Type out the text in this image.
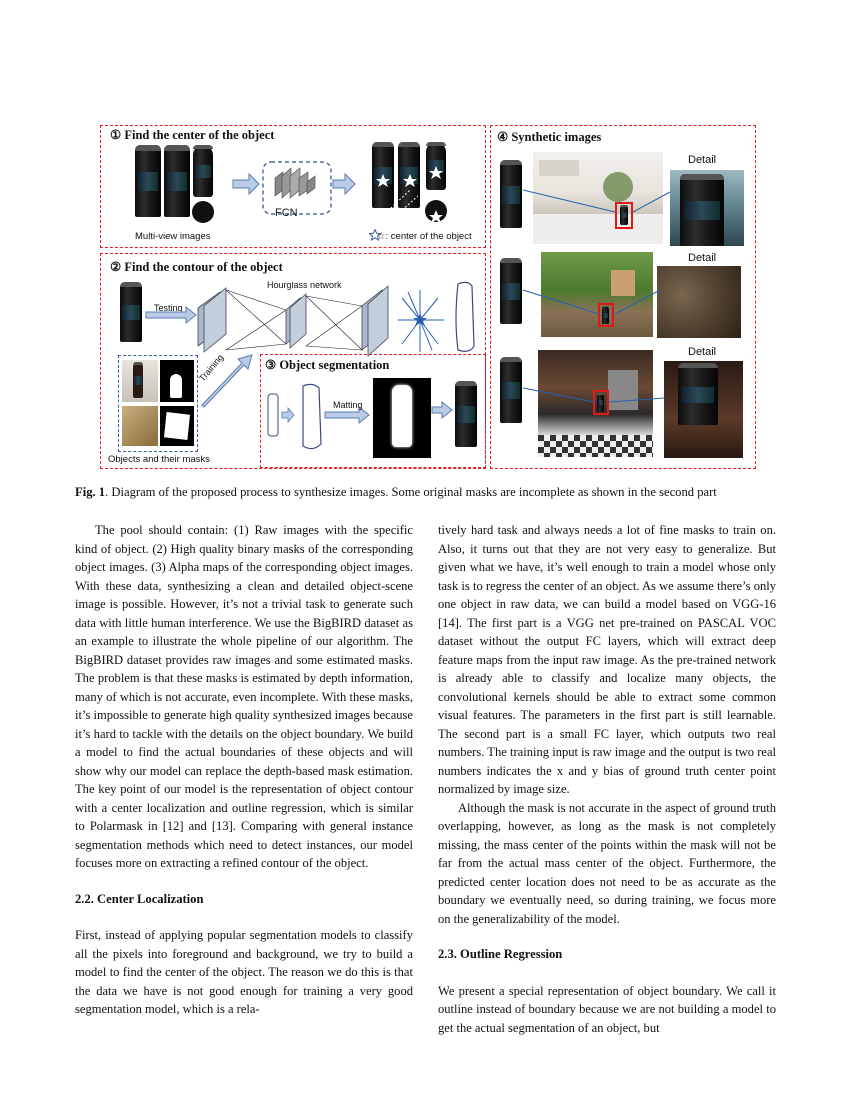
① Find the center of the object
Multi-view images
FCN
☆: center of the object
② Find the contour of the object
Testing
Hourglass network
Training
Objects and their masks
③ Object segmentation
Matting
④ Synthetic images
Detail
Detail
Detail
Fig. 1. Diagram of the proposed process to synthesize images. Some original masks are incomplete as shown in the second part

The pool should contain: (1) Raw images with the specific kind of object. (2) High quality binary masks of the corresponding object images. (3) Alpha maps of the corresponding object images. With these data, synthesizing a clean and detailed object-scene image is possible. However, it’s not a trivial task to generate such data with little human interference. We use the BigBIRD dataset as an example to illustrate the whole pipeline of our algorithm. The BigBIRD dataset provides raw images and some estimated masks. The problem is that these masks is estimated by depth information, many of which is not accurate, even incomplete. With these masks, it’s impossible to generate high quality synthesized images because it’s hard to tackle with the details on the object boundary. We build a model to find the actual boundaries of these objects and will show why our model can replace the depth-based mask estimation. The key point of our model is the representation of object contour with a center localization and outline regression, which is similar to Polarmask in [12] and [13]. Comparing with general instance segmentation methods which need to detect instances, our model focuses more on extracting a refined contour of the object.

2.2. Center Localization

First, instead of applying popular segmentation models to classify all the pixels into foreground and background, we try to build a model to find the center of the object. The reason we do this is that the data we have is not good enough for training a very good segmentation model, which is a rela-

tively hard task and always needs a lot of fine masks to train on. Also, it turns out that they are not very easy to generalize. But given what we have, it’s well enough to train a model whose only task is to regress the center of an object. As we assume there’s only one object in raw data, we can build a model based on VGG-16 [14]. The first part is a VGG net pre-trained on PASCAL VOC dataset without the output FC layers, which will extract deep feature maps from the input raw image. As the pre-trained network is already able to classify and localize many objects, the convolutional kernels should be able to extract some common visual features. The parameters in the first part is still learnable. The second part is a small FC layer, which outputs two real numbers. The training input is raw image and the output is two real numbers indicates the x and y bias of ground truth center point normalized by image size.

Although the mask is not accurate in the aspect of ground truth overlapping, however, as long as the mask is not completely missing, the mass center of the points within the mask will not be far from the actual mass center of the object. Furthermore, the predicted center location does not need to be as accurate as the boundary we eventually need, so during training, we focus more on the generalizability of the model.

2.3. Outline Regression

We present a special representation of object boundary. We call it outline instead of boundary because we are not building a model to get the actual segmentation of an object, but
